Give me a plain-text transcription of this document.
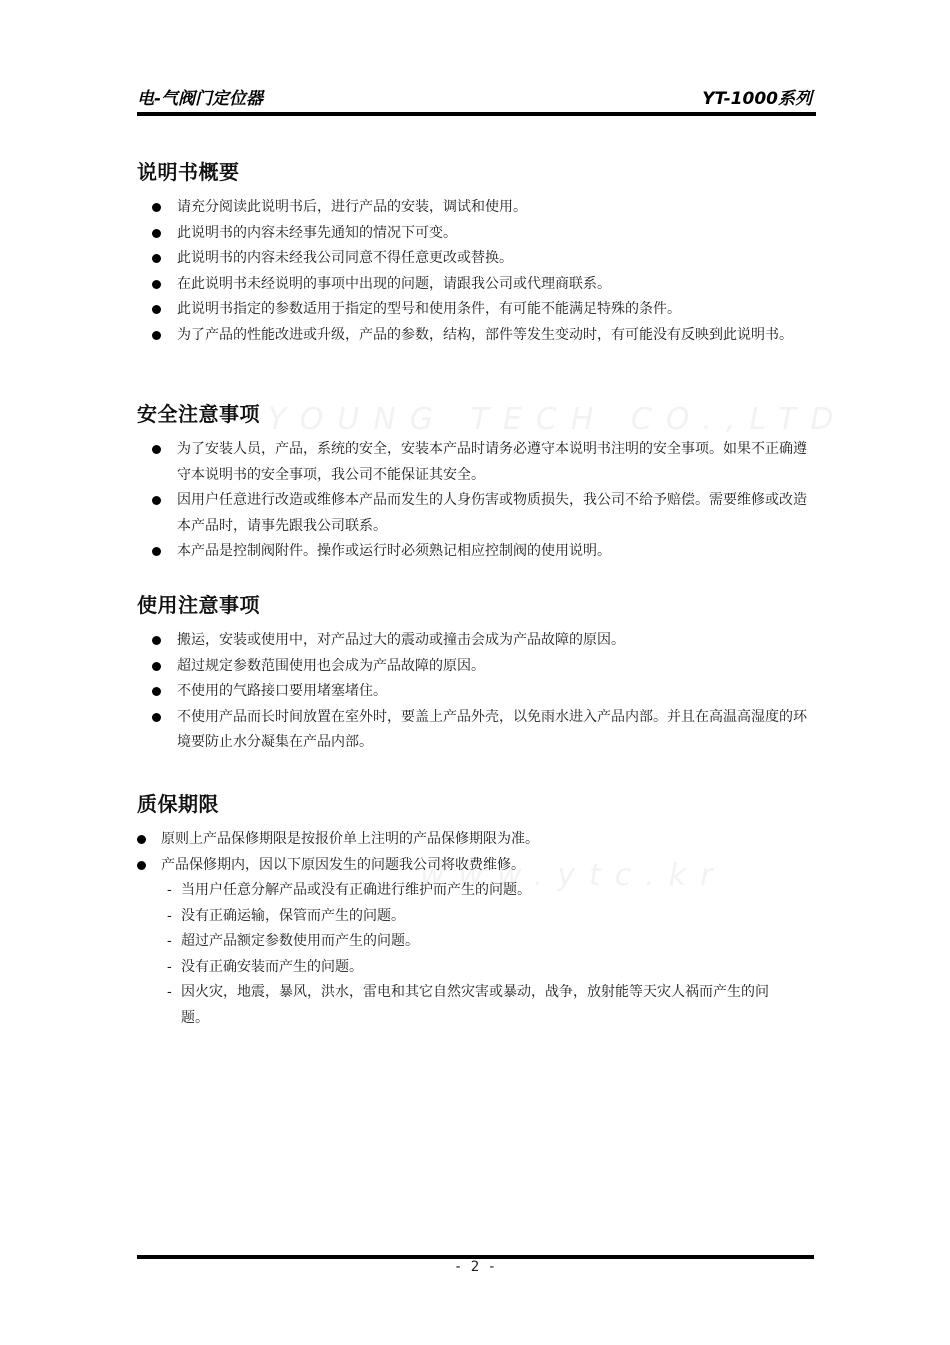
电-气阀门定位器	YT-1000系列
说明书概要
请充分阅读此说明书后，进行产品的安装，调试和使用。
此说明书的内容未经事先通知的情况下可变。
此说明书的内容未经我公司同意不得任意更改或替换。
在此说明书未经说明的事项中出现的问题，请跟我公司或代理商联系。
此说明书指定的参数适用于指定的型号和使用条件，有可能不能满足特殊的条件。
为了产品的性能改进或升级，产品的参数，结构，部件等发生变动时，有可能没有反映到此说明书。
YOUNG TECH CO.,LTD
安全注意事项
为了安装人员，产品，系统的安全，安装本产品时请务必遵守本说明书注明的安全事项。如果不正确遵守本说明书的安全事项，我公司不能保证其安全。
因用户任意进行改造或维修本产品而发生的人身伤害或物质损失，我公司不给予赔偿。需要维修或改造本产品时，请事先跟我公司联系。
本产品是控制阀附件。操作或运行时必须熟记相应控制阀的使用说明。
使用注意事项
搬运，安装或使用中，对产品过大的震动或撞击会成为产品故障的原因。
超过规定参数范围使用也会成为产品故障的原因。
不使用的气路接口要用堵塞堵住。
不使用产品而长时间放置在室外时，要盖上产品外壳，以免雨水进入产品内部。并且在高温高湿度的环境要防止水分凝集在产品内部。
www.ytc.kr
质保期限
原则上产品保修期限是按报价单上注明的产品保修期限为准。
产品保修期内，因以下原因发生的问题我公司将收费维修。
- 当用户任意分解产品或没有正确进行维护而产生的问题。
- 没有正确运输，保管而产生的问题。
- 超过产品额定参数使用而产生的问题。
- 没有正确安装而产生的问题。
- 因火灾，地震，暴风，洪水，雷电和其它自然灾害或暴动，战争，放射能等天灾人祸而产生的问题。
- 2 -
